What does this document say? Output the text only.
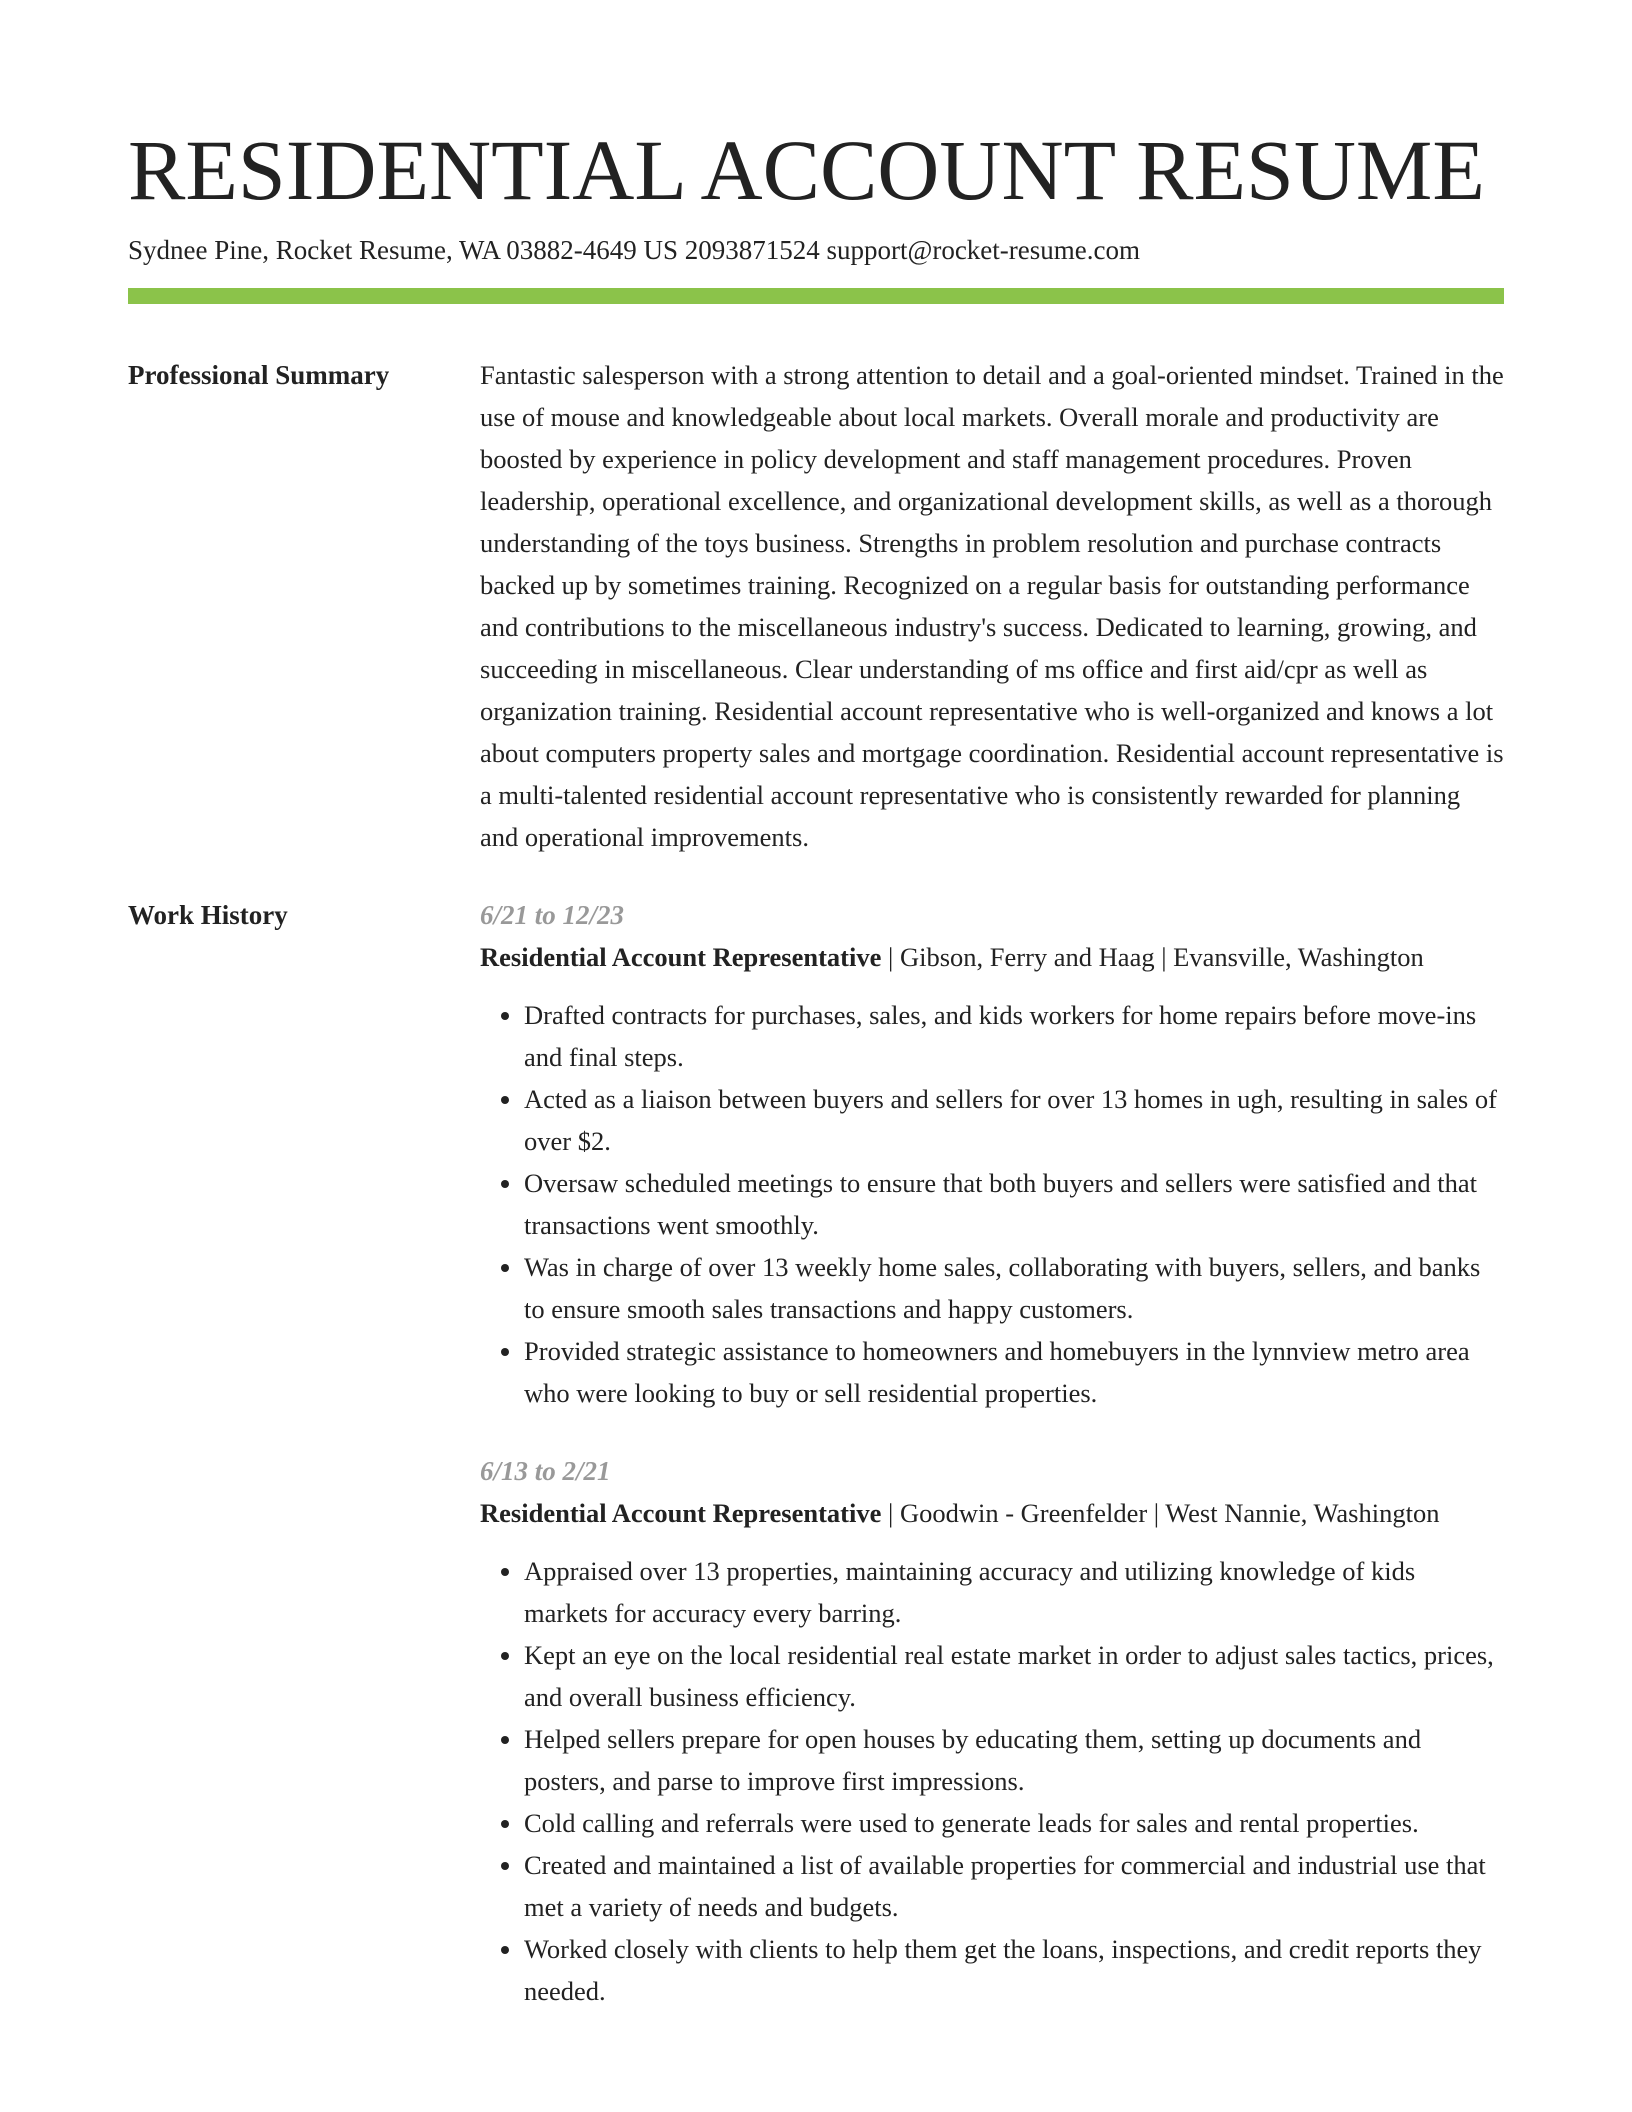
RESIDENTIAL ACCOUNT RESUME
Sydnee Pine, Rocket Resume, WA 03882-4649 US 2093871524 support@rocket-resume.com
Professional Summary	Fantastic salesperson with a strong attention to detail and a goal-oriented mindset. Trained in the use of mouse and knowledgeable about local markets. Overall morale and productivity are boosted by experience in policy development and staff management procedures. Proven leadership, operational excellence, and organizational development skills, as well as a thorough understanding of the toys business. Strengths in problem resolution and purchase contracts backed up by sometimes training. Recognized on a regular basis for outstanding performance and contributions to the miscellaneous industry's success. Dedicated to learning, growing, and succeeding in miscellaneous. Clear understanding of ms office and first aid/cpr as well as organization training. Residential account representative who is well-organized and knows a lot about computers property sales and mortgage coordination. Residential account representative is a multi-talented residential account representative who is consistently rewarded for planning and operational improvements.

Work History	6/21 to 12/23
Residential Account Representative | Gibson, Ferry and Haag | Evansville, Washington
• Drafted contracts for purchases, sales, and kids workers for home repairs before move-ins and final steps.
• Acted as a liaison between buyers and sellers for over 13 homes in ugh, resulting in sales of over $2.
• Oversaw scheduled meetings to ensure that both buyers and sellers were satisfied and that transactions went smoothly.
• Was in charge of over 13 weekly home sales, collaborating with buyers, sellers, and banks to ensure smooth sales transactions and happy customers.
• Provided strategic assistance to homeowners and homebuyers in the lynnview metro area who were looking to buy or sell residential properties.
6/13 to 2/21
Residential Account Representative | Goodwin - Greenfelder | West Nannie, Washington
• Appraised over 13 properties, maintaining accuracy and utilizing knowledge of kids markets for accuracy every barring.
• Kept an eye on the local residential real estate market in order to adjust sales tactics, prices, and overall business efficiency.
• Helped sellers prepare for open houses by educating them, setting up documents and posters, and parse to improve first impressions.
• Cold calling and referrals were used to generate leads for sales and rental properties.
• Created and maintained a list of available properties for commercial and industrial use that met a variety of needs and budgets.
• Worked closely with clients to help them get the loans, inspections, and credit reports they needed.
